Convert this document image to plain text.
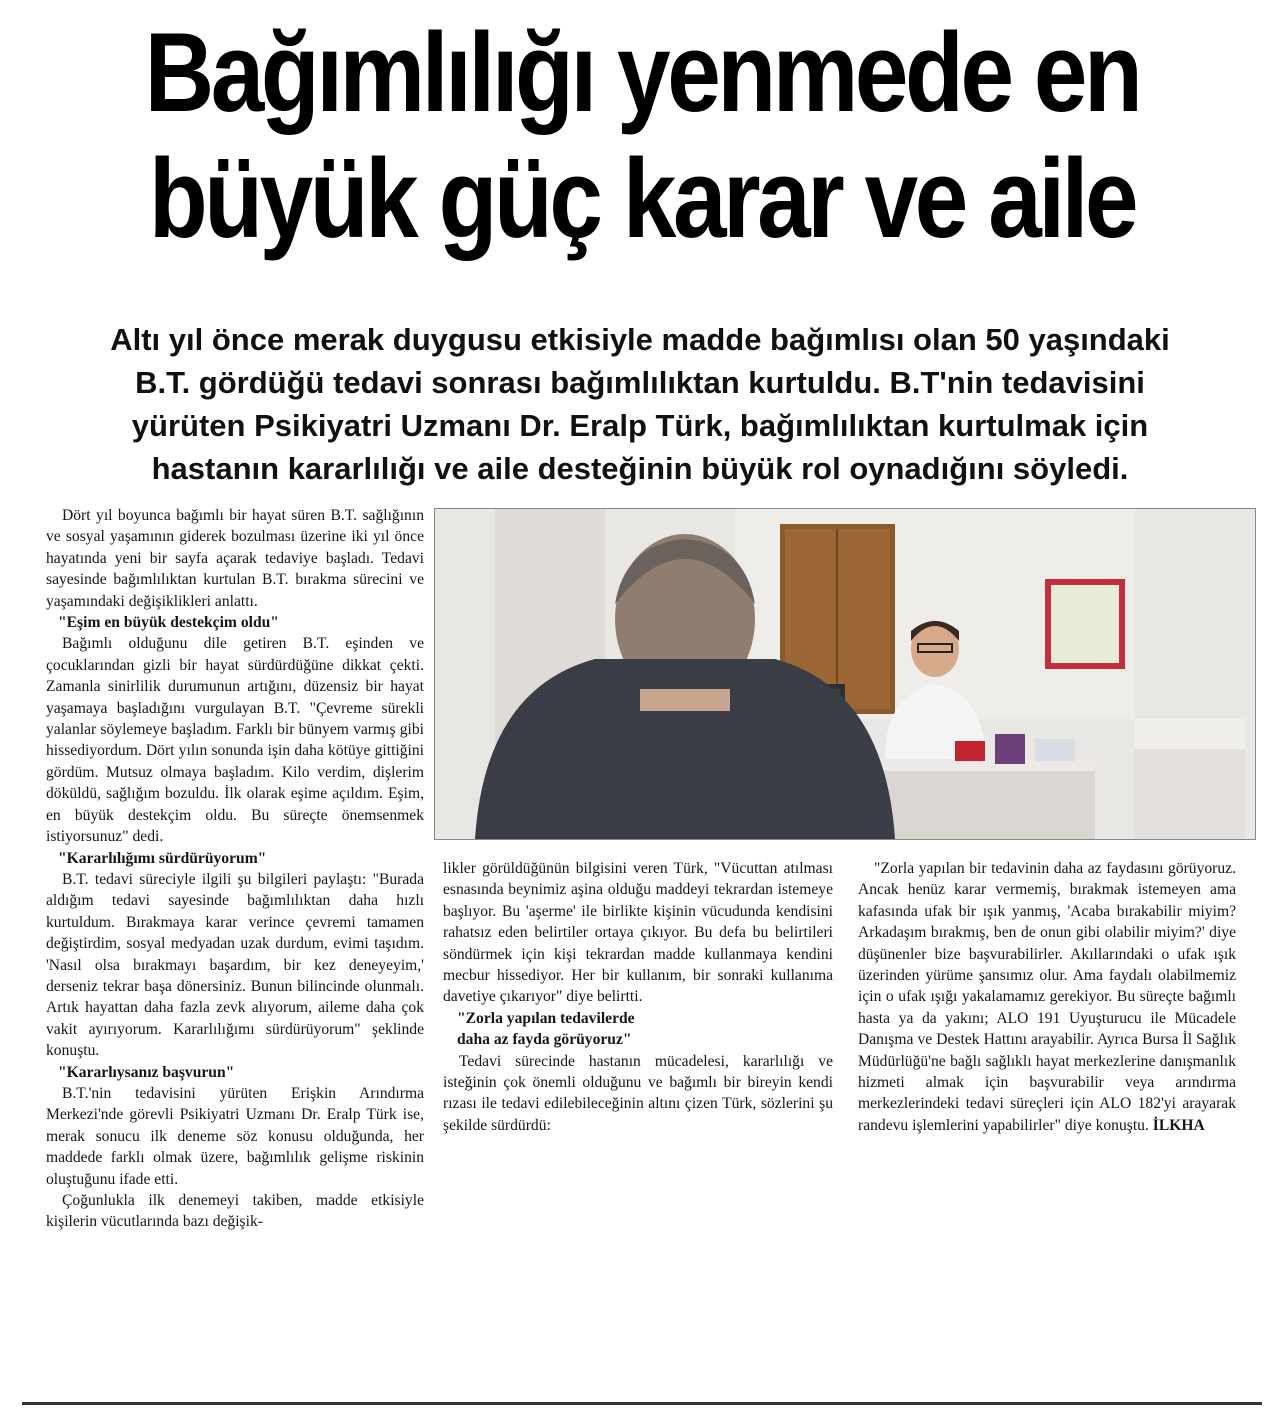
Bağımlılığı yenmede en
büyük güç karar ve aile
Altı yıl önce merak duygusu etkisiyle madde bağımlısı olan 50 yaşındaki
B.T. gördüğü tedavi sonrası bağımlılıktan kurtuldu. B.T'nin tedavisini
yürüten Psikiyatri Uzmanı Dr. Eralp Türk, bağımlılıktan kurtulmak için
hastanın kararlılığı ve aile desteğinin büyük rol oynadığını söyledi.

Dört yıl boyunca bağımlı bir hayat süren B.T. sağlığının ve sosyal yaşamının giderek bozulması üzerine iki yıl önce hayatında yeni bir sayfa açarak tedaviye başladı. Tedavi sayesinde bağımlılıktan kurtulan B.T. bırakma sürecini ve yaşamındaki değişiklikleri anlattı.

"Eşim en büyük destekçim oldu"

Bağımlı olduğunu dile getiren B.T. eşinden ve çocuklarından gizli bir hayat sürdürdüğüne dikkat çekti. Zamanla sinirlilik durumunun artığını, düzensiz bir hayat yaşamaya başladığını vurgulayan B.T. "Çevreme sürekli yalanlar söylemeye başladım. Farklı bir bünyem varmış gibi hissediyordum. Dört yılın sonunda işin daha kötüye gittiğini gördüm. Mutsuz olmaya başladım. Kilo verdim, dişlerim döküldü, sağlığım bozuldu. İlk olarak eşime açıldım. Eşim, en büyük destekçim oldu. Bu süreçte önemsenmek istiyorsunuz" dedi.

"Kararlılığımı sürdürüyorum"

B.T. tedavi süreciyle ilgili şu bilgileri paylaştı: "Burada aldığım tedavi sayesinde bağımlılıktan daha hızlı kurtuldum. Bırakmaya karar verince çevremi tamamen değiştirdim, sosyal medyadan uzak durdum, evimi taşıdım. 'Nasıl olsa bırakmayı başardım, bir kez deneyeyim,' derseniz tekrar başa dönersiniz. Bunun bilincinde olunmalı. Artık hayattan daha fazla zevk alıyorum, aileme daha çok vakit ayırıyorum. Kararlılığımı sürdürüyorum" şeklinde konuştu.

"Kararlıysanız başvurun"

B.T.'nin tedavisini yürüten Erişkin Arındırma Merkezi'nde görevli Psikiyatri Uzmanı Dr. Eralp Türk ise, merak sonucu ilk deneme söz konusu olduğunda, her maddede farklı olmak üzere, bağımlılık gelişme riskinin oluştuğunu ifade etti.

Çoğunlukla ilk denemeyi takiben, madde etkisiyle kişilerin vücutlarında bazı değişik-

likler görüldüğünün bilgisini veren Türk, "Vücuttan atılması esnasında beynimiz aşina olduğu maddeyi tekrardan istemeye başlıyor. Bu 'aşerme' ile birlikte kişinin vücudunda kendisini rahatsız eden belirtiler ortaya çıkıyor. Bu defa bu belirtileri söndürmek için kişi tekrardan madde kullanmaya kendini mecbur hissediyor. Her bir kullanım, bir sonraki kullanıma davetiye çıkarıyor" diye belirtti.

"Zorla yapılan tedavilerde
daha az fayda görüyoruz"

Tedavi sürecinde hastanın mücadelesi, kararlılığı ve isteğinin çok önemli olduğunu ve bağımlı bir bireyin kendi rızası ile tedavi edilebileceğinin altını çizen Türk, sözlerini şu şekilde sürdürdü:

"Zorla yapılan bir tedavinin daha az faydasını görüyoruz. Ancak henüz karar vermemiş, bırakmak istemeyen ama kafasında ufak bir ışık yanmış, 'Acaba bırakabilir miyim? Arkadaşım bırakmış, ben de onun gibi olabilir miyim?' diye düşünenler bize başvurabilirler. Akıllarındaki o ufak ışık üzerinden yürüme şansımız olur. Ama faydalı olabilmemiz için o ufak ışığı yakalamamız gerekiyor. Bu süreçte bağımlı hasta ya da yakını; ALO 191 Uyuşturucu ile Mücadele Danışma ve Destek Hattını arayabilir. Ayrıca Bursa İl Sağlık Müdürlüğü'ne bağlı sağlıklı hayat merkezlerine danışmanlık hizmeti almak için başvurabilir veya arındırma merkezlerindeki tedavi süreçleri için ALO 182'yi arayarak randevu işlemlerini yapabilirler" diye konuştu. İLKHA
